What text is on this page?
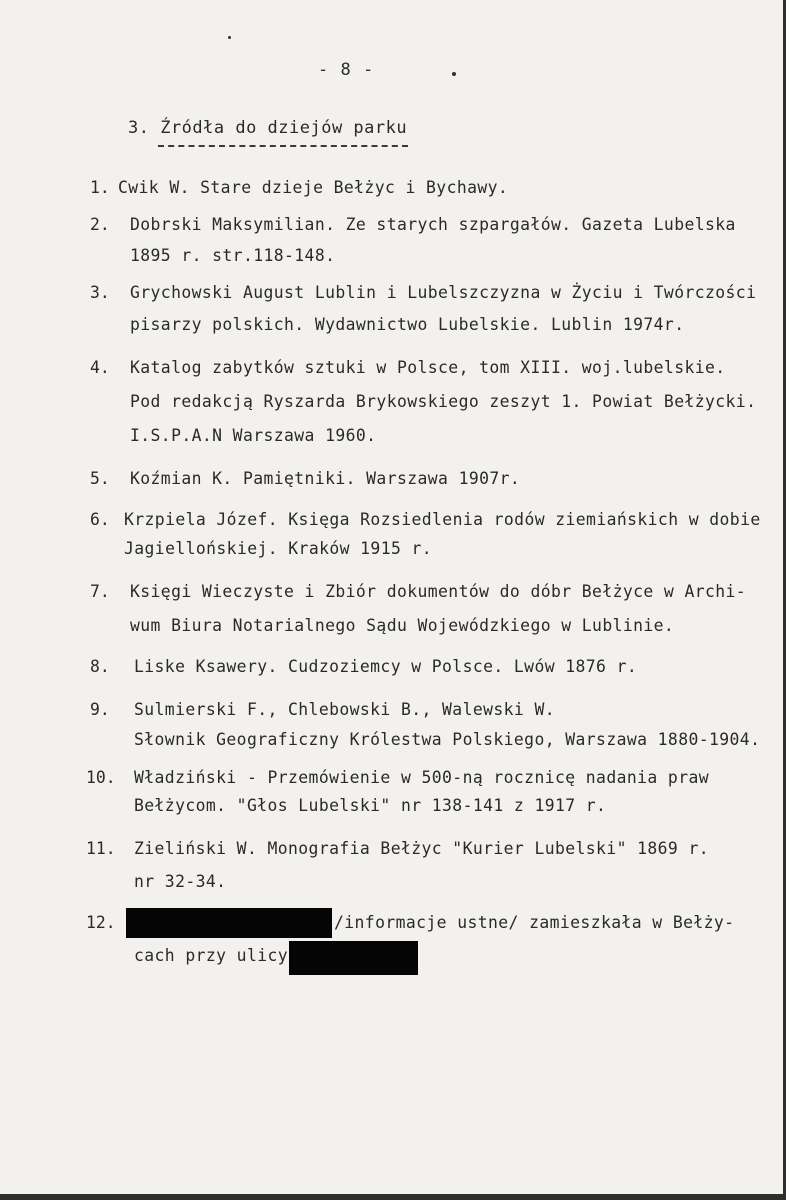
- 8 -
3. Źródła do dziejów parku
1. Cwik W. Stare dzieje Bełżyc i Bychawy.
2. Dobrski Maksymilian. Ze starych szpargałów. Gazeta Lubelska
1895 r. str.118-148.
3. Grychowski August Lublin i Lubelszczyzna w Życiu i Twórczości
pisarzy polskich. Wydawnictwo Lubelskie. Lublin 1974r.
4. Katalog zabytków sztuki w Polsce, tom XIII. woj.lubelskie.
Pod redakcją Ryszarda Brykowskiego zeszyt 1. Powiat Bełżycki.
I.S.P.A.N Warszawa 1960.
5. Koźmian K. Pamiętniki. Warszawa 1907r.
6. Krzpiela Józef. Księga Rozsiedlenia rodów ziemiańskich w dobie
Jagiellońskiej. Kraków 1915 r.
7. Księgi Wieczyste i Zbiór dokumentów do dóbr Bełżyce w Archi-
wum Biura Notarialnego Sądu Wojewódzkiego w Lublinie.
8. Liske Ksawery. Cudzoziemcy w Polsce. Lwów 1876 r.
9. Sulmierski F., Chlebowski B., Walewski W.
Słownik Geograficzny Królestwa Polskiego, Warszawa 1880-1904.
10. Władziński - Przemówienie w 500-ną rocznicę nadania praw
Bełżycom. "Głos Lubelski" nr 138-141 z 1917 r.
11. Zieliński W. Monografia Bełżyc "Kurier Lubelski" 1869 r.
nr 32-34.
12.	/informacje ustne/ zamieszkała w Bełży-
cach przy ulicy
